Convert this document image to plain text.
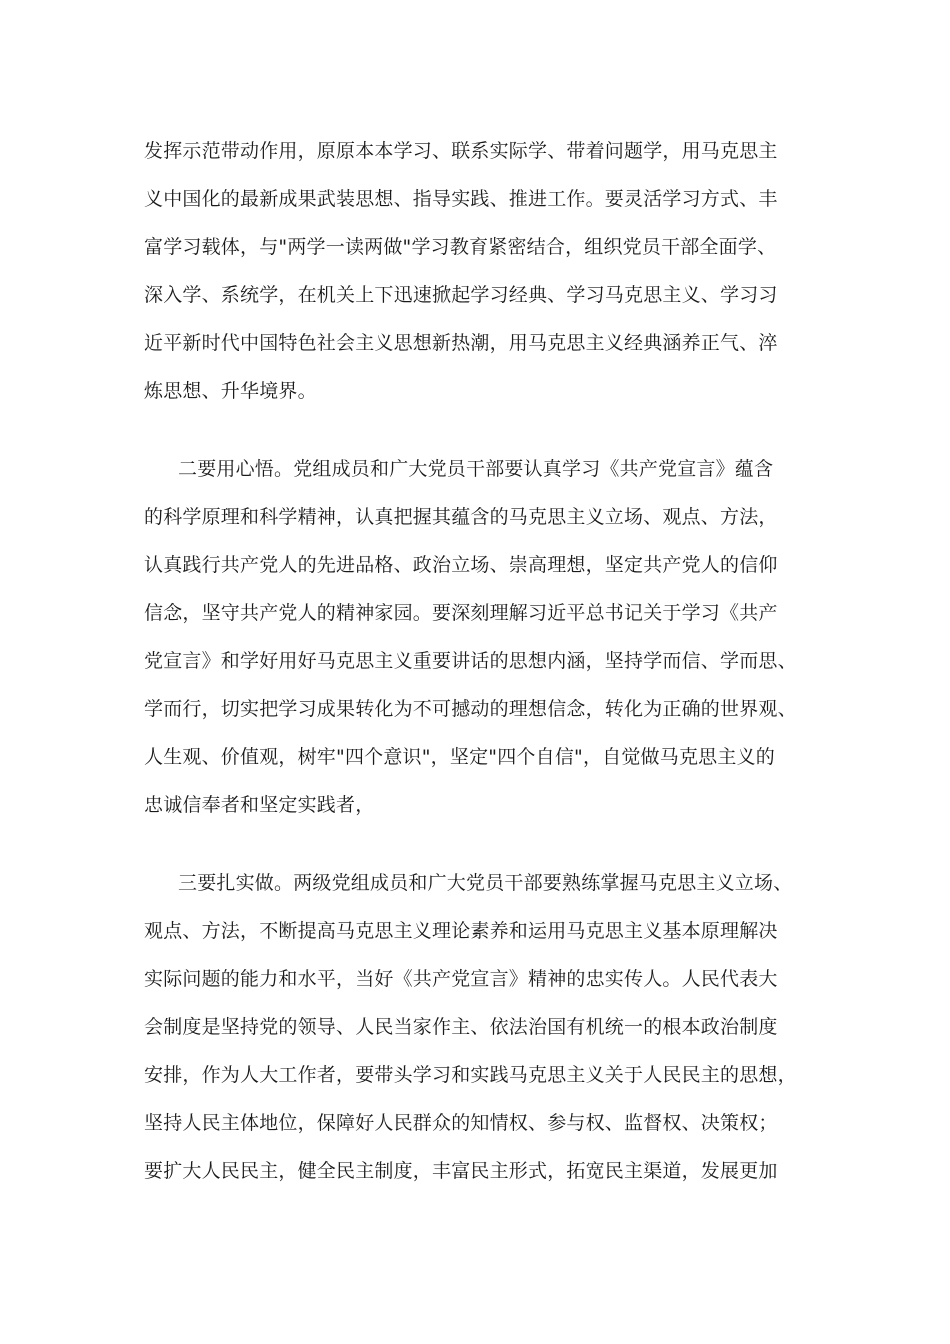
发挥示范带动作用，原原本本学习、联系实际学、带着问题学，用马克思主
义中国化的最新成果武装思想、指导实践、推进工作。要灵活学习方式、丰
富学习载体，与"两学一读两做"学习教育紧密结合，组织党员干部全面学、
深入学、系统学，在机关上下迅速掀起学习经典、学习马克思主义、学习习
近平新时代中国特色社会主义思想新热潮，用马克思主义经典涵养正气、淬
炼思想、升华境界。
二要用心悟。党组成员和广大党员干部要认真学习《共产党宣言》蕴含
的科学原理和科学精神，认真把握其蕴含的马克思主义立场、观点、方法，
认真践行共产党人的先进品格、政治立场、崇高理想，坚定共产党人的信仰
信念，坚守共产党人的精神家园。要深刻理解习近平总书记关于学习《共产
党宣言》和学好用好马克思主义重要讲话的思想内涵，坚持学而信、学而思、
学而行，切实把学习成果转化为不可撼动的理想信念，转化为正确的世界观、
人生观、价值观，树牢"四个意识"，坚定"四个自信"，自觉做马克思主义的
忠诚信奉者和坚定实践者，
三要扎实做。两级党组成员和广大党员干部要熟练掌握马克思主义立场、
观点、方法，不断提高马克思主义理论素养和运用马克思主义基本原理解决
实际问题的能力和水平，当好《共产党宣言》精神的忠实传人。人民代表大
会制度是坚持党的领导、人民当家作主、依法治国有机统一的根本政治制度
安排，作为人大工作者，要带头学习和实践马克思主义关于人民民主的思想，
坚持人民主体地位，保障好人民群众的知情权、参与权、监督权、决策权；
要扩大人民民主，健全民主制度，丰富民主形式，拓宽民主渠道，发展更加
